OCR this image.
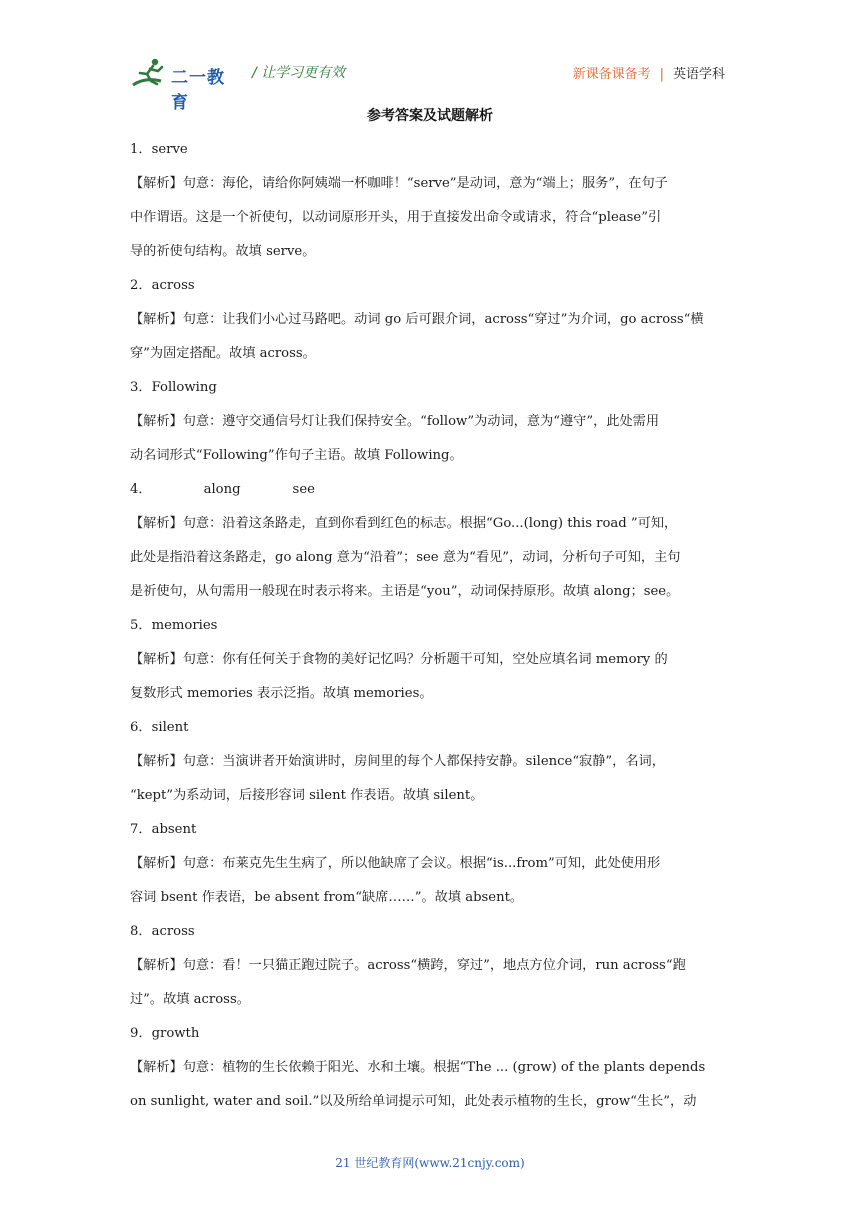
二一教育
/ 让学习更有效	新课备课备考 | 英语学科
参考答案及试题解析

1．serve

【解析】句意：海伦，请给你阿姨端一杯咖啡！“serve”是动词，意为“端上；服务”，在句子

中作谓语。这是一个祈使句，以动词原形开头，用于直接发出命令或请求，符合“please”引

导的祈使句结构。故填 serve。

2．across

【解析】句意：让我们小心过马路吧。动词 go 后可跟介词，across“穿过”为介词，go across“横

穿”为固定搭配。故填 across。

3．Following

【解析】句意：遵守交通信号灯让我们保持安全。“follow”为动词，意为“遵守”，此处需用

动名词形式“Following”作句子主语。故填 Following。

4．	along	see

【解析】句意：沿着这条路走，直到你看到红色的标志。根据“Go...(long) this road ”可知，

此处是指沿着这条路走，go along 意为“沿着”；see 意为“看见”，动词，分析句子可知，主句

是祈使句，从句需用一般现在时表示将来。主语是“you”，动词保持原形。故填 along；see。

5．memories

【解析】句意：你有任何关于食物的美好记忆吗？分析题干可知，空处应填名词 memory 的

复数形式 memories 表示泛指。故填 memories。

6．silent

【解析】句意：当演讲者开始演讲时，房间里的每个人都保持安静。silence“寂静”，名词，

“kept”为系动词，后接形容词 silent 作表语。故填 silent。

7．absent

【解析】句意：布莱克先生生病了，所以他缺席了会议。根据“is...from”可知，此处使用形

容词 bsent 作表语，be absent from“缺席……”。故填 absent。

8．across

【解析】句意：看！一只猫正跑过院子。across“横跨，穿过”，地点方位介词，run across“跑

过”。故填 across。

9．growth

【解析】句意：植物的生长依赖于阳光、水和土壤。根据“The ... (grow) of the plants depends

on sunlight, water and soil.”以及所给单词提示可知，此处表示植物的生长，grow“生长”，动

21 世纪教育网(www.21cnjy.com)
